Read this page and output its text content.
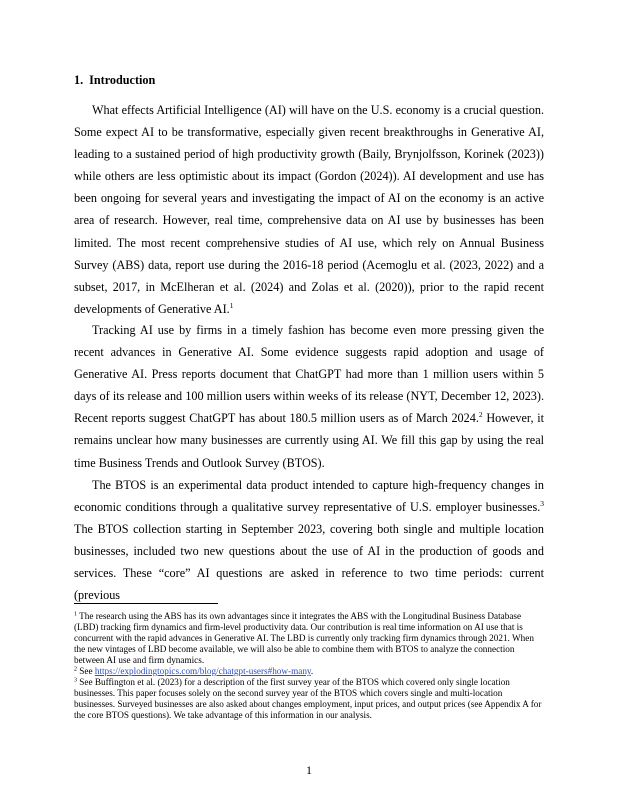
1. Introduction

What effects Artificial Intelligence (AI) will have on the U.S. economy is a crucial question. Some expect AI to be transformative, especially given recent breakthroughs in Generative AI, leading to a sustained period of high productivity growth (Baily, Brynjolfsson, Korinek (2023)) while others are less optimistic about its impact (Gordon (2024)). AI development and use has been ongoing for several years and investigating the impact of AI on the economy is an active area of research. However, real time, comprehensive data on AI use by businesses has been limited. The most recent comprehensive studies of AI use, which rely on Annual Business Survey (ABS) data, report use during the 2016-18 period (Acemoglu et al. (2023, 2022) and a subset, 2017, in McElheran et al. (2024) and Zolas et al. (2020)), prior to the rapid recent developments of Generative AI.$^1$

Tracking AI use by firms in a timely fashion has become even more pressing given the recent advances in Generative AI. Some evidence suggests rapid adoption and usage of Generative AI. Press reports document that ChatGPT had more than 1 million users within 5 days of its release and 100 million users within weeks of its release (NYT, December 12, 2023). Recent reports suggest ChatGPT has about 180.5 million users as of March 2024.$^2$ However, it remains unclear how many businesses are currently using AI. We fill this gap by using the real time Business Trends and Outlook Survey (BTOS).

The BTOS is an experimental data product intended to capture high-frequency changes in economic conditions through a qualitative survey representative of U.S. employer businesses.$^3$ The BTOS collection starting in September 2023, covering both single and multiple location businesses, included two new questions about the use of AI in the production of goods and services. These “core” AI questions are asked in reference to two time periods: current (previous

$^1$ The research using the ABS has its own advantages since it integrates the ABS with the Longitudinal Business Database (LBD) tracking firm dynamics and firm-level productivity data. Our contribution is real time information on AI use that is concurrent with the rapid advances in Generative AI. The LBD is currently only tracking firm dynamics through 2021. When the new vintages of LBD become available, we will also be able to combine them with BTOS to analyze the connection between AI use and firm dynamics.

$^2$ See https://explodingtopics.com/blog/chatgpt-users#how-many.

$^3$ See Buffington et al. (2023) for a description of the first survey year of the BTOS which covered only single location businesses. This paper focuses solely on the second survey year of the BTOS which covers single and multi-location businesses. Surveyed businesses are also asked about changes employment, input prices, and output prices (see Appendix A for the core BTOS questions). We take advantage of this information in our analysis.

1
